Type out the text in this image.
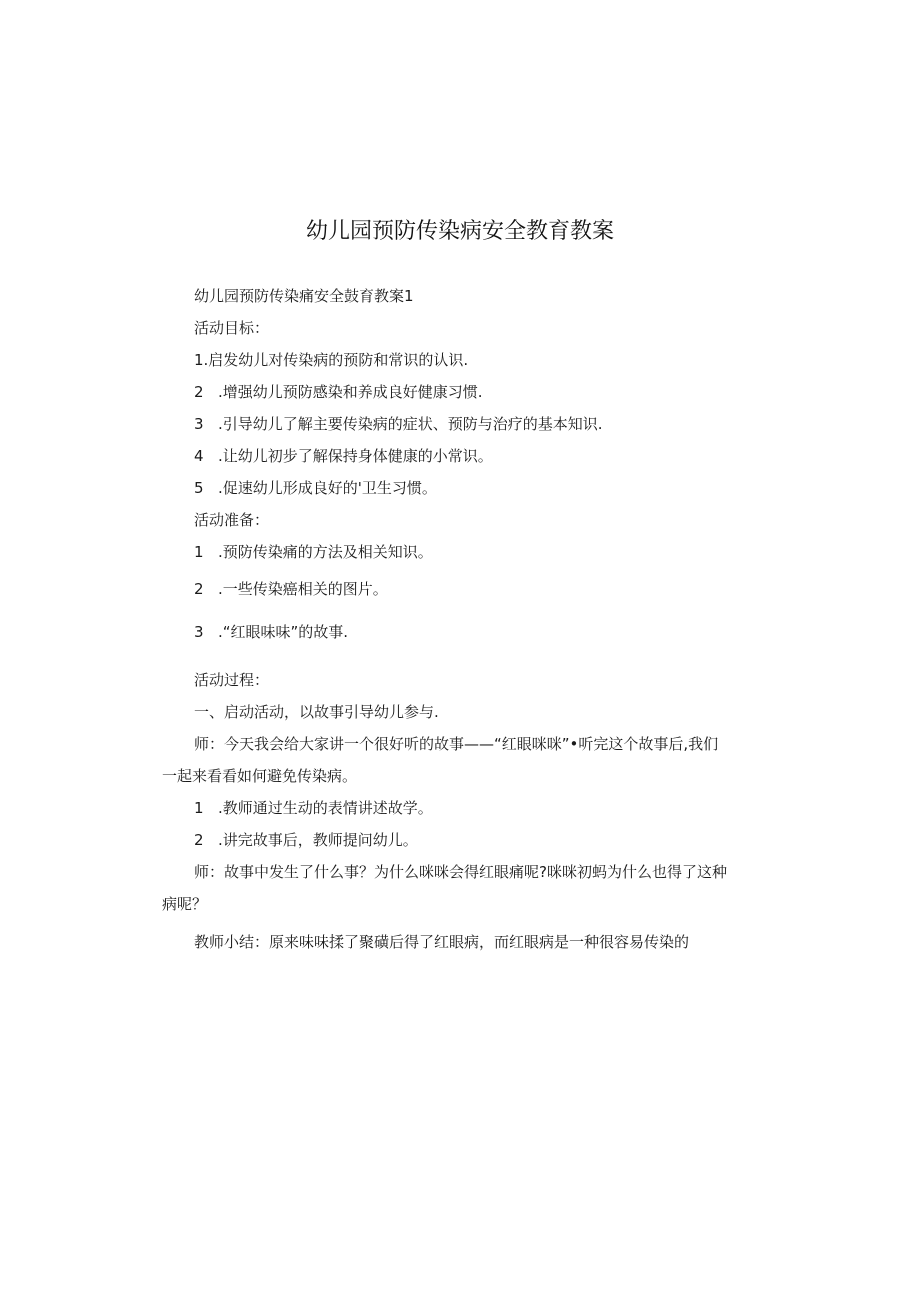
幼儿园预防传染病安全教育教案
幼儿园预防传染痛安全鼓育教案1
活动目标：
1.启发幼儿对传染病的预防和常识的认识.
2 .增强幼儿预防感染和养成良好健康习惯.
3 .引导幼儿了解主要传染病的症状、预防与治疗的基本知识.
4 .让幼儿初步了解保持身体健康的小常识。
5 .促速幼儿形成良好的'卫生习惯。
活动准备：
1 .预防传染痛的方法及相关知识。
2 .一些传染癌相关的图片。
3 .“红眼味味”的故事.
活动过程：
一、启动活动，以故事引导幼儿参与.
师：今天我会给大家讲一个很好听的故事——“红眼咪咪”•听完这个故事后,我们
一起来看看如何避免传染病。
1 .教师通过生动的表情讲述故学。
2 .讲完故事后，教师提问幼儿。
师：故事中发生了什么事？为什么咪咪会得红眼痛呢?咪咪初蚂为什么也得了这种
病呢？
教师小结：原来味味揉了聚磺后得了红眼病，而红眼病是一种很容易传染的
